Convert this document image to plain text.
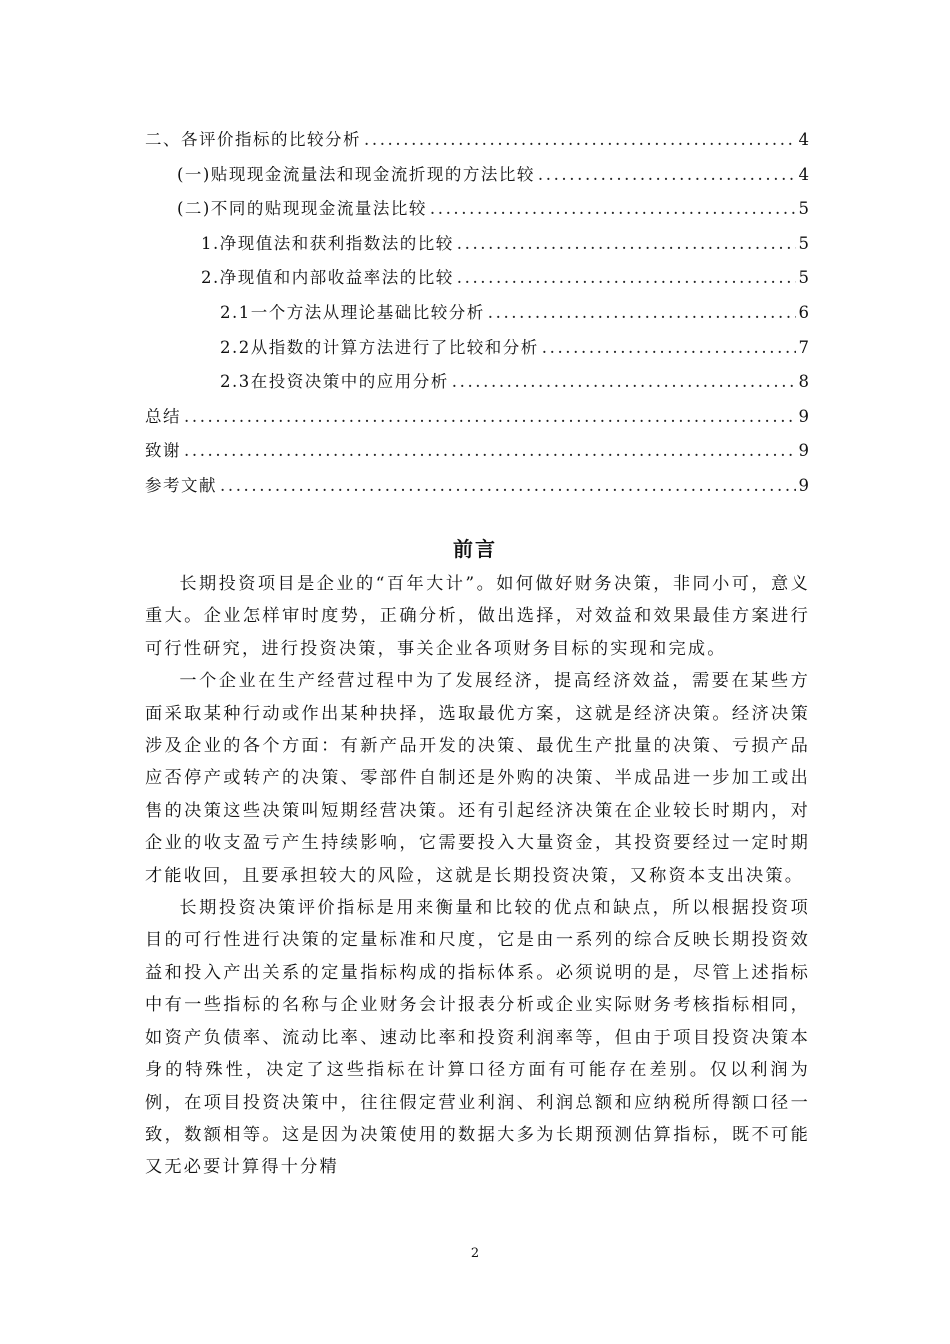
二、各评价指标的比较分析 .....	4
(一)贴现现金流量法和现金流折现的方法比较 .....	4
(二)不同的贴现现金流量法比较 .....	5
1.净现值法和获利指数法的比较 .....	5
2.净现值和内部收益率法的比较 .....	5
2.1一个方法从理论基础比较分析 .....	6
2.2从指数的计算方法进行了比较和分析 .....	7
2.3在投资决策中的应用分析 .....	8
总结 .....	9
致谢 .....	9
参考文献 .....	9
前言

长期投资项目是企业的“百年大计”。如何做好财务决策，非同小可，意义重大。企业怎样审时度势，正确分析，做出选择，对效益和效果最佳方案进行可行性研究，进行投资决策，事关企业各项财务目标的实现和完成。

一个企业在生产经营过程中为了发展经济，提高经济效益，需要在某些方面采取某种行动或作出某种抉择，选取最优方案，这就是经济决策。经济决策涉及企业的各个方面：有新产品开发的决策、最优生产批量的决策、亏损产品应否停产或转产的决策、零部件自制还是外购的决策、半成品进一步加工或出售的决策这些决策叫短期经营决策。还有引起经济决策在企业较长时期内，对企业的收支盈亏产生持续影响，它需要投入大量资金，其投资要经过一定时期才能收回，且要承担较大的风险，这就是长期投资决策，又称资本支出决策。

长期投资决策评价指标是用来衡量和比较的优点和缺点，所以根据投资项目的可行性进行决策的定量标准和尺度，它是由一系列的综合反映长期投资效益和投入产出关系的定量指标构成的指标体系。必须说明的是，尽管上述指标中有一些指标的名称与企业财务会计报表分析或企业实际财务考核指标相同，如资产负债率、流动比率、速动比率和投资利润率等，但由于项目投资决策本身的特殊性，决定了这些指标在计算口径方面有可能存在差别。仅以利润为例，在项目投资决策中，往往假定营业利润、利润总额和应纳税所得额口径一致，数额相等。这是因为决策使用的数据大多为长期预测估算指标，既不可能又无必要计算得十分精

2
